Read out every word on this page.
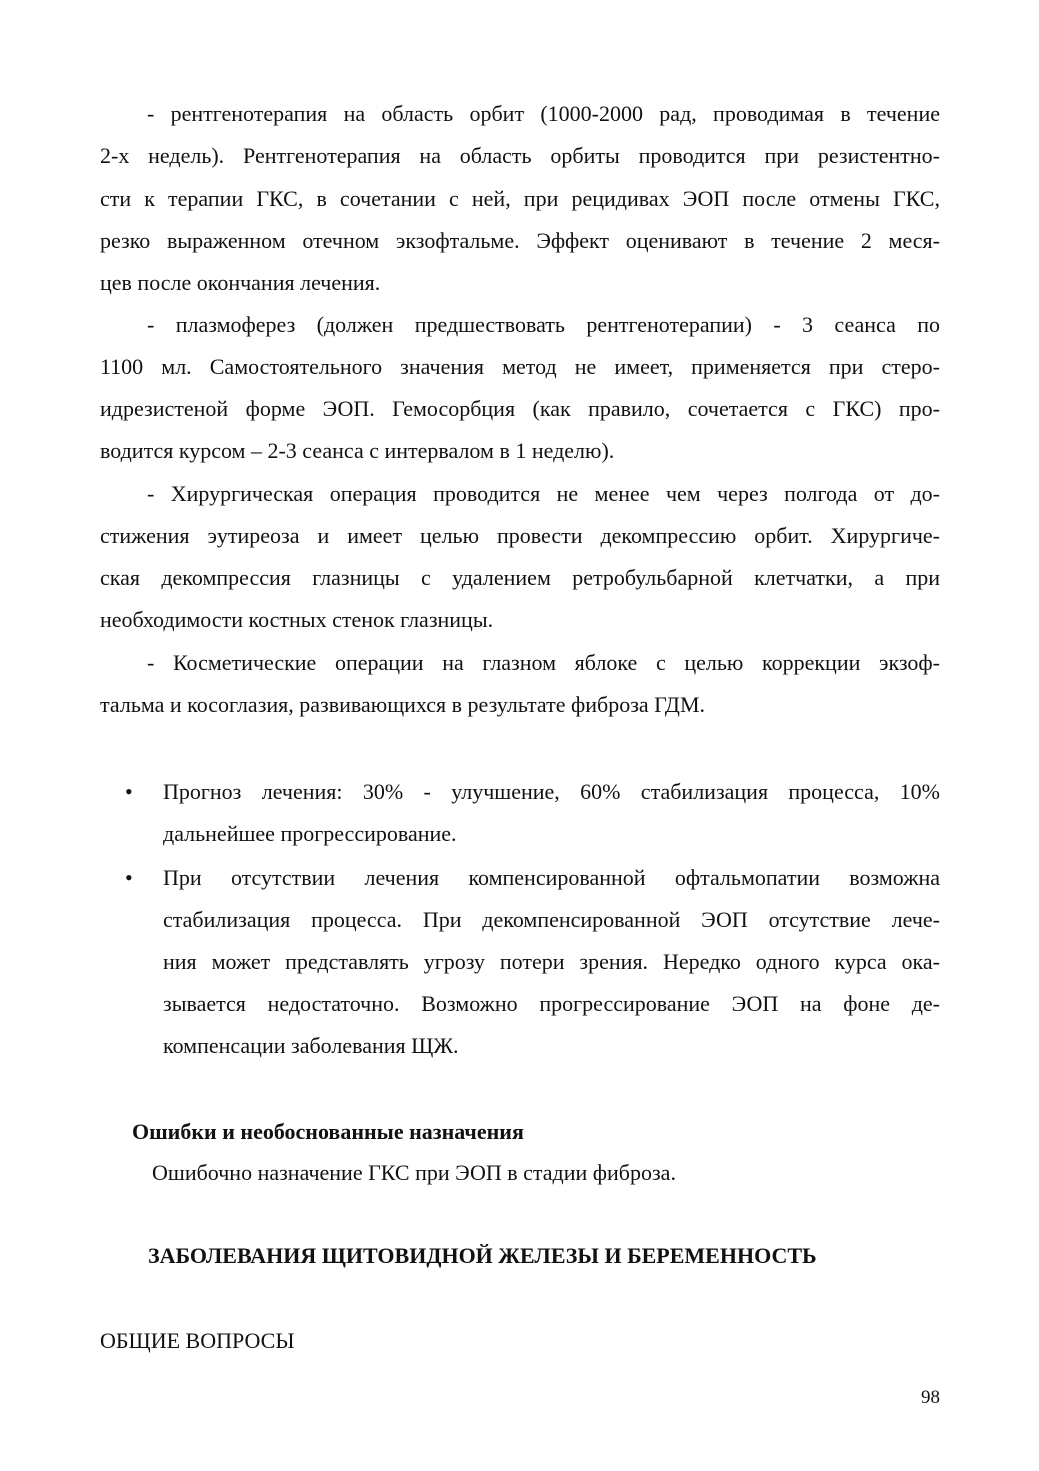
- рентгенотерапия на область орбит (1000-2000 рад, проводимая в течение
2-х недель). Рентгенотерапия на область орбиты проводится при резистентно-
сти к терапии ГКС, в сочетании с ней, при рецидивах ЭОП после отмены ГКС,
резко выраженном отечном экзофтальме. Эффект оценивают в течение 2 меся-
цев после окончания лечения.
- плазмоферез (должен предшествовать рентгенотерапии) - 3 сеанса по
1100 мл. Самостоятельного значения метод не имеет, применяется при стеро-
идрезистеной форме ЭОП. Гемосорбция (как правило, сочетается с ГКС) про-
водится курсом – 2-3 сеанса с интервалом в 1 неделю).
- Хирургическая операция проводится не менее чем через полгода от до-
стижения эутиреоза и имеет целью провести декомпрессию орбит. Хирургиче-
ская декомпрессия глазницы с удалением ретробульбарной клетчатки, а при
необходимости костных стенок глазницы.
- Косметические операции на глазном яблоке с целью коррекции экзоф-
тальма и косоглазия, развивающихся в результате фиброза ГДМ.
•	Прогноз лечения: 30% - улучшение, 60% стабилизация процесса, 10%
дальнейшее прогрессирование.
•	При отсутствии лечения компенсированной офтальмопатии возможна
стабилизация процесса. При декомпенсированной ЭОП отсутствие лече-
ния может представлять угрозу потери зрения. Нередко одного курса ока-
зывается недостаточно. Возможно прогрессирование ЭОП на фоне де-
компенсации заболевания ЩЖ.
Ошибки и необоснованные назначения
Ошибочно назначение ГКС при ЭОП в стадии фиброза.
ЗАБОЛЕВАНИЯ ЩИТОВИДНОЙ ЖЕЛЕЗЫ И БЕРЕМЕННОСТЬ
ОБЩИЕ ВОПРОСЫ
98
